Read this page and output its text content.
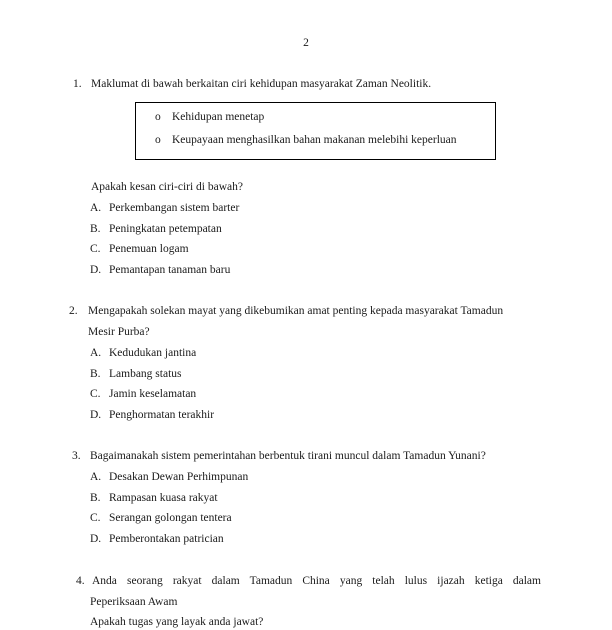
2
1. Maklumat di bawah berkaitan ciri kehidupan masyarakat Zaman Neolitik.
o Kehidupan menetap
o Keupayaan menghasilkan bahan makanan melebihi keperluan
Apakah kesan ciri-ciri di bawah?
A. Perkembangan sistem barter
B. Peningkatan petempatan
C. Penemuan logam
D. Pemantapan tanaman baru
2. Mengapakah solekan mayat yang dikebumikan amat penting kepada masyarakat Tamadun
Mesir Purba?
A. Kedudukan jantina
B. Lambang status
C. Jamin keselamatan
D. Penghormatan terakhir
3. Bagaimanakah sistem pemerintahan berbentuk tirani muncul dalam Tamadun Yunani?
A. Desakan Dewan Perhimpunan
B. Rampasan kuasa rakyat
C. Serangan golongan tentera
D. Pemberontakan patrician
4. Anda seorang rakyat dalam Tamadun China yang telah lulus ijazah ketiga dalam
Peperiksaan Awam
Apakah tugas yang layak anda jawat?
